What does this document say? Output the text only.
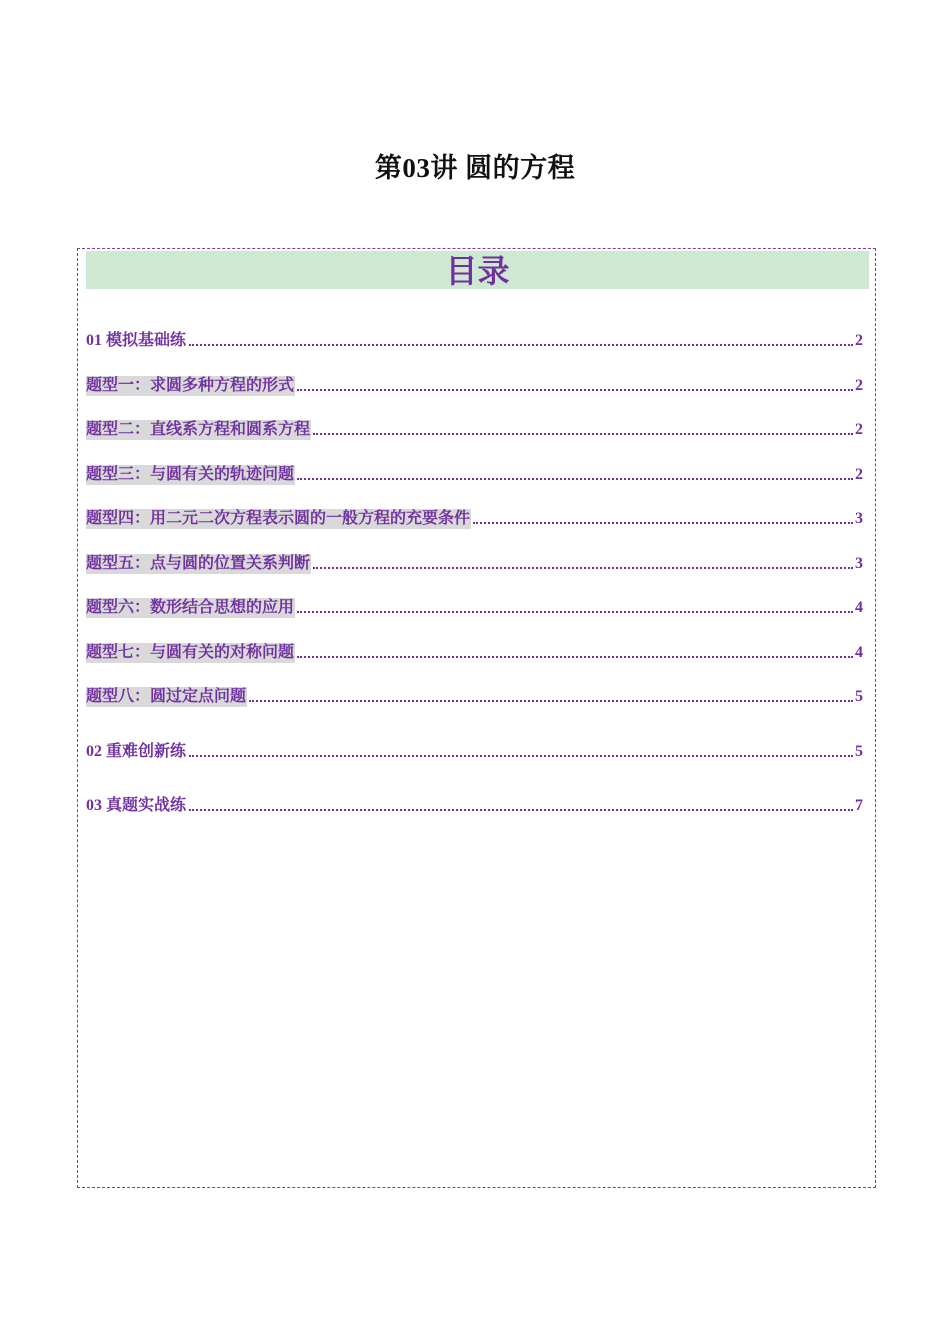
第03讲 圆的方程
目录
01 模拟基础练	2
题型一：求圆多种方程的形式	2
题型二：直线系方程和圆系方程	2
题型三：与圆有关的轨迹问题	2
题型四：用二元二次方程表示圆的一般方程的充要条件	3
题型五：点与圆的位置关系判断	3
题型六：数形结合思想的应用	4
题型七：与圆有关的对称问题	4
题型八：圆过定点问题	5
02 重难创新练	5
03 真题实战练	7
